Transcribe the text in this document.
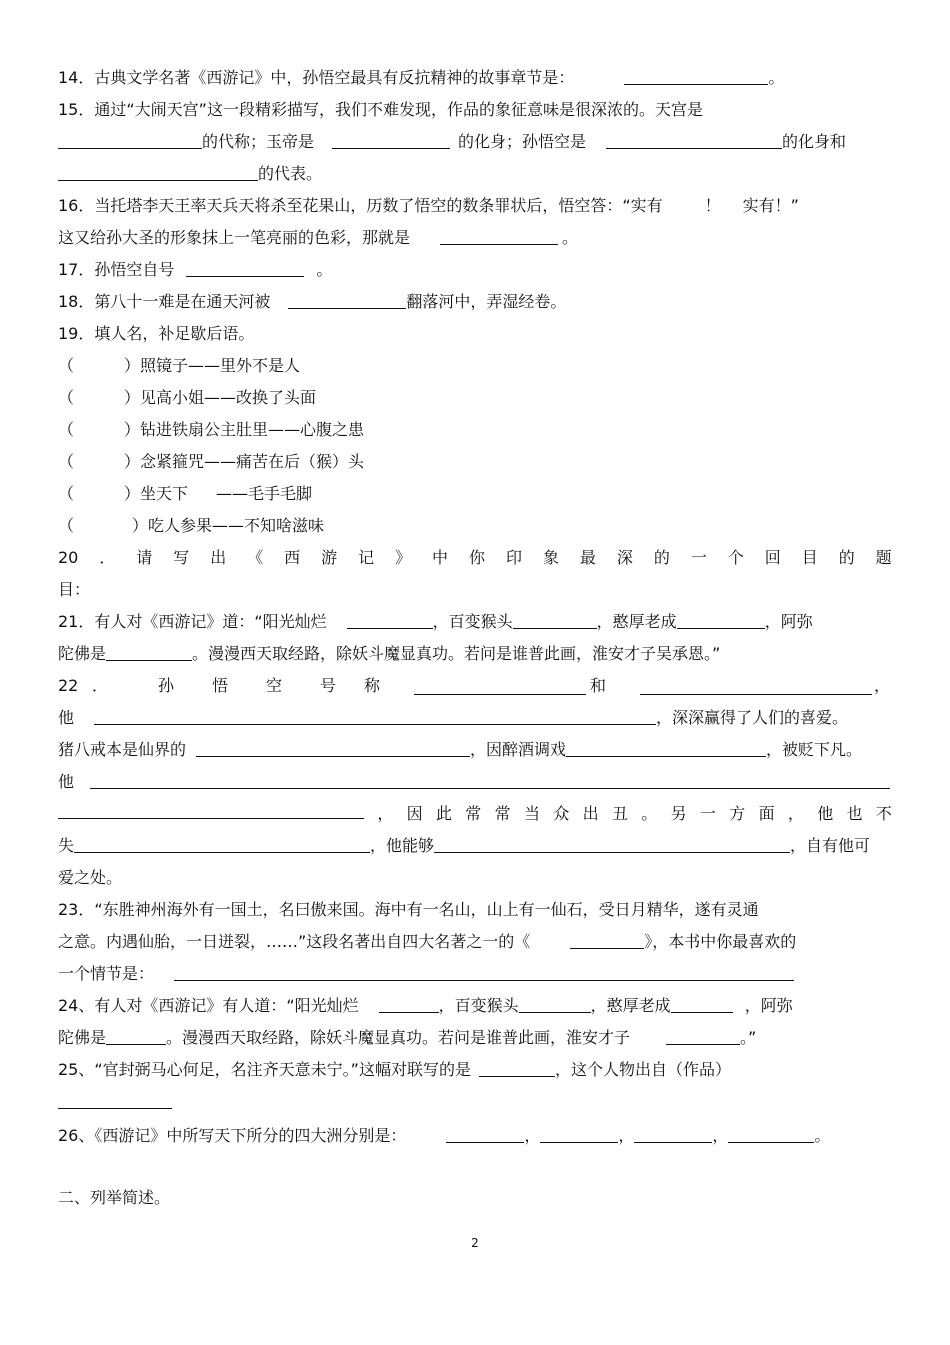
14．古典文学名著《西游记》中，孙悟空最具有反抗精神的故事章节是：	。
15．通过“大闹天宫”这一段精彩描写，我们不难发现，作品的象征意味是很深浓的。天宫是
的代称；玉帝是	的化身；孙悟空是	的化身和
的代表。
16．当托塔李天王率天兵天将杀至花果山，历数了悟空的数条罪状后，悟空答：“实有	！ 实有！”
这又给孙大圣的形象抹上一笔亮丽的色彩，那就是	。
17．孙悟空自号	。
18．第八十一难是在通天河被	翻落河中，弄湿经卷。
19．填人名，补足歇后语。
（	）照镜子——里外不是人
（	）见高小姐——改换了头面
（	）钻进铁扇公主肚里——心腹之患
（	）念紧箍咒——痛苦在后（猴）头
（	）坐天下 ——毛手毛脚
（	）吃人参果——不知啥滋味
20 ． 请 写 出 《 西 游 记 》 中 你 印 象 最 深 的 一 个 回 目 的 题
目：
21．有人对《西游记》道：“阳光灿烂	，百变猴头	，憨厚老成	，阿弥
陀佛是	。漫漫西天取经路，除妖斗魔显真功。若问是谁普此画，淮安才子吴承恩。”
22 ．	孙 悟 空 号 称	和	，
他	，深深赢得了人们的喜爱。
猪八戒本是仙界的	，因醉酒调戏	，被贬下凡。
他
， 因 此 常 常 当 众 出 丑 。 另 一 方 面 ， 他 也 不
失	，他能够	，自有他可
爱之处。
23．“东胜神州海外有一国土，名曰傲来国。海中有一名山，山上有一仙石，受日月精华，遂有灵通
之意。内遇仙胎，一日迸裂，……”这段名著出自四大名著之一的《	》，本书中你最喜欢的
一个情节是：
24、有人对《西游记》有人道：“阳光灿烂	，百变猴头	，憨厚老成	，阿弥
陀佛是	。漫漫西天取经路，除妖斗魔显真功。若问是谁普此画，淮安才子	。”
25、“官封弼马心何足，名注齐天意未宁。”这幅对联写的是	，这个人物出自（作品）
26、《西游记》中所写天下所分的四大洲分别是：	，	，	，	。
二、列举简述。
2
